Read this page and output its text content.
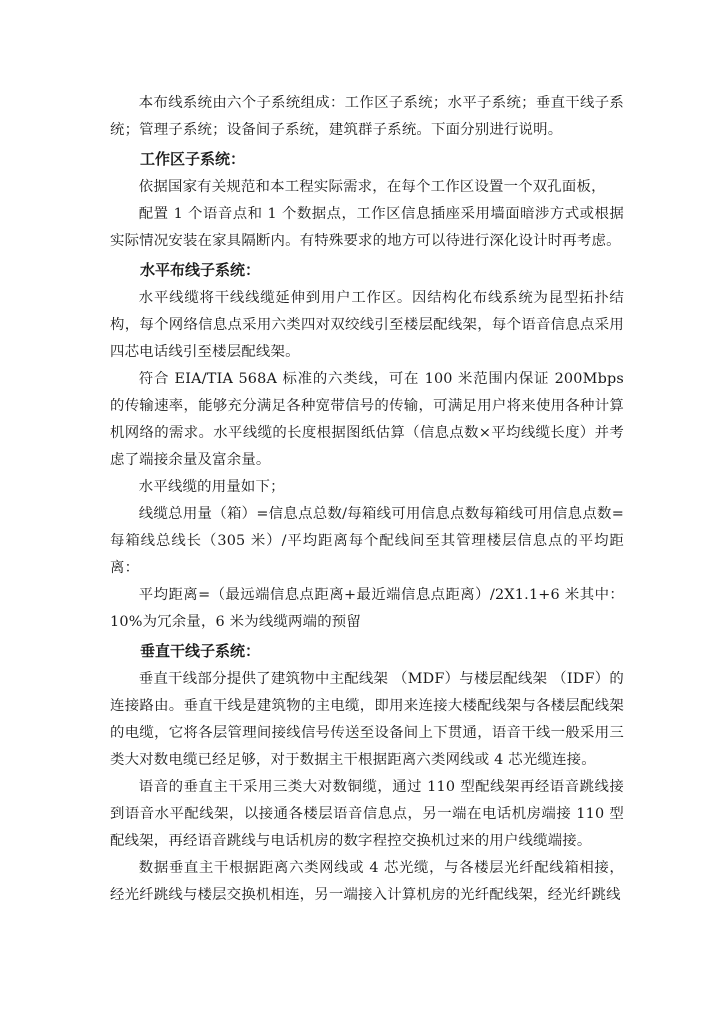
本布线系统由六个子系统组成：工作区子系统；水平子系统；垂直干线子系统；管理子系统；设备间子系统，建筑群子系统。下面分别进行说明。

工作区子系统：

依据国家有关规范和本工程实际需求，在每个工作区设置一个双孔面板，

配置 1 个语音点和 1 个数据点，工作区信息插座采用墙面暗涉方式或根据实际情况安装在家具隔断内。有特殊要求的地方可以待进行深化设计时再考虑。

水平布线子系统：

水平线缆将干线线缆延伸到用户工作区。因结构化布线系统为昆型拓扑结构，每个网络信息点采用六类四对双绞线引至楼层配线架，每个语音信息点采用四芯电话线引至楼层配线架。

符合 EIA/TIA 568A 标准的六类线，可在 100 米范围内保证 200Mbps 的传输速率，能够充分满足各种宽带信号的传输，可满足用户将来使用各种计算机网络的需求。水平线缆的长度根据图纸估算（信息点数×平均线缆长度）并考虑了端接余量及富余量。

水平线缆的用量如下；

线缆总用量（箱）=信息点总数/每箱线可用信息点数每箱线可用信息点数=每箱线总线长（305 米）/平均距离每个配线间至其管理楼层信息点的平均距离：

平均距离=（最远端信息点距离+最近端信息点距离）/2X1.1+6 米其中：10%为冗余量，6 米为线缆两端的预留

垂直干线子系统：

垂直干线部分提供了建筑物中主配线架 （MDF）与楼层配线架 （IDF）的连接路由。垂直干线是建筑物的主电缆，即用来连接大楼配线架与各楼层配线架的电缆，它将各层管理间接线信号传送至设备间上下贯通，语音干线一般采用三类大对数电缆已经足够，对于数据主干根据距离六类网线或 4 芯光缆连接。

语音的垂直主干采用三类大对数铜缆，通过 110 型配线架再经语音跳线接到语音水平配线架，以接通各楼层语音信息点，另一端在电话机房端接 110 型配线架，再经语音跳线与电话机房的数字程控交换机过来的用户线缆端接。

数据垂直主干根据距离六类网线或 4 芯光缆，与各楼层光纤配线箱相接，经光纤跳线与楼层交换机相连，另一端接入计算机房的光纤配线架，经光纤跳线
